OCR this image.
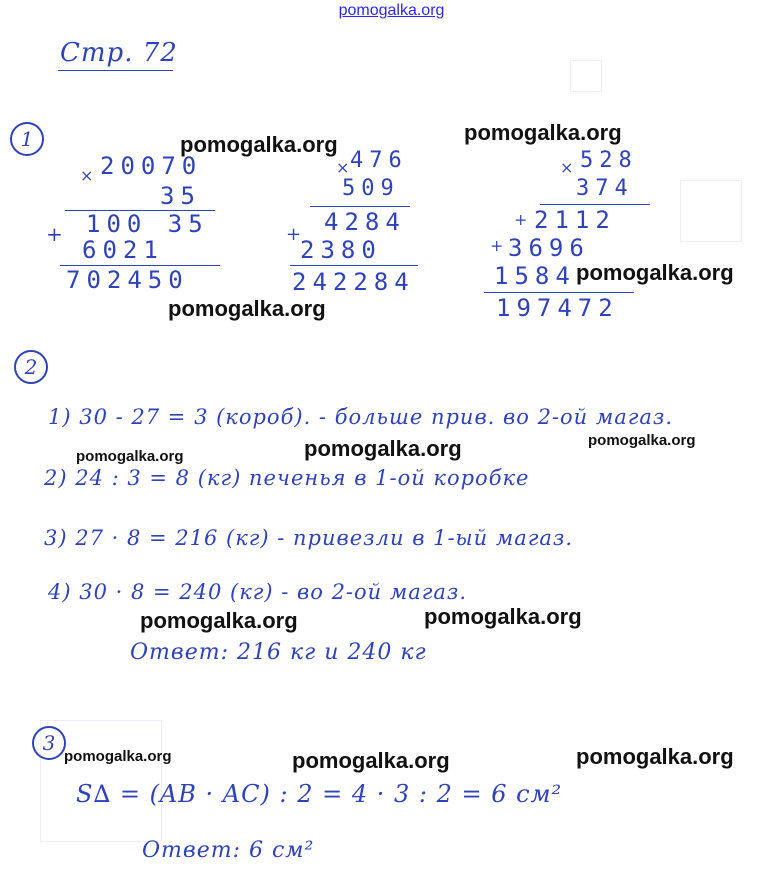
pomogalka.org
Стр. 72
1
× 20070
35
+ 100 35
6021
702450
× 476
509
+ 4284
2380
242284
× 528
374
+ 2112
+ 3696
1584
197472
2
1) 30 - 27 = 3 (короб). - больше прив. во 2-ой магаз.
2) 24 : 3 = 8 (кг) печенья в 1-ой коробке
3) 27 · 8 = 216 (кг) - привезли в 1-ый магаз.
4) 30 · 8 = 240 (кг) - во 2-ой магаз.
Ответ: 216 кг и 240 кг
3
S∆ = (AB · AC) : 2 = 4 · 3 : 2 = 6 см²
Ответ: 6 см²
pomogalka.org	pomogalka.org
pomogalka.org
pomogalka.org
pomogalka.org	pomogalka.org
pomogalka.org
pomogalka.org	pomogalka.org
pomogalka.org	pomogalka.org	pomogalka.org
